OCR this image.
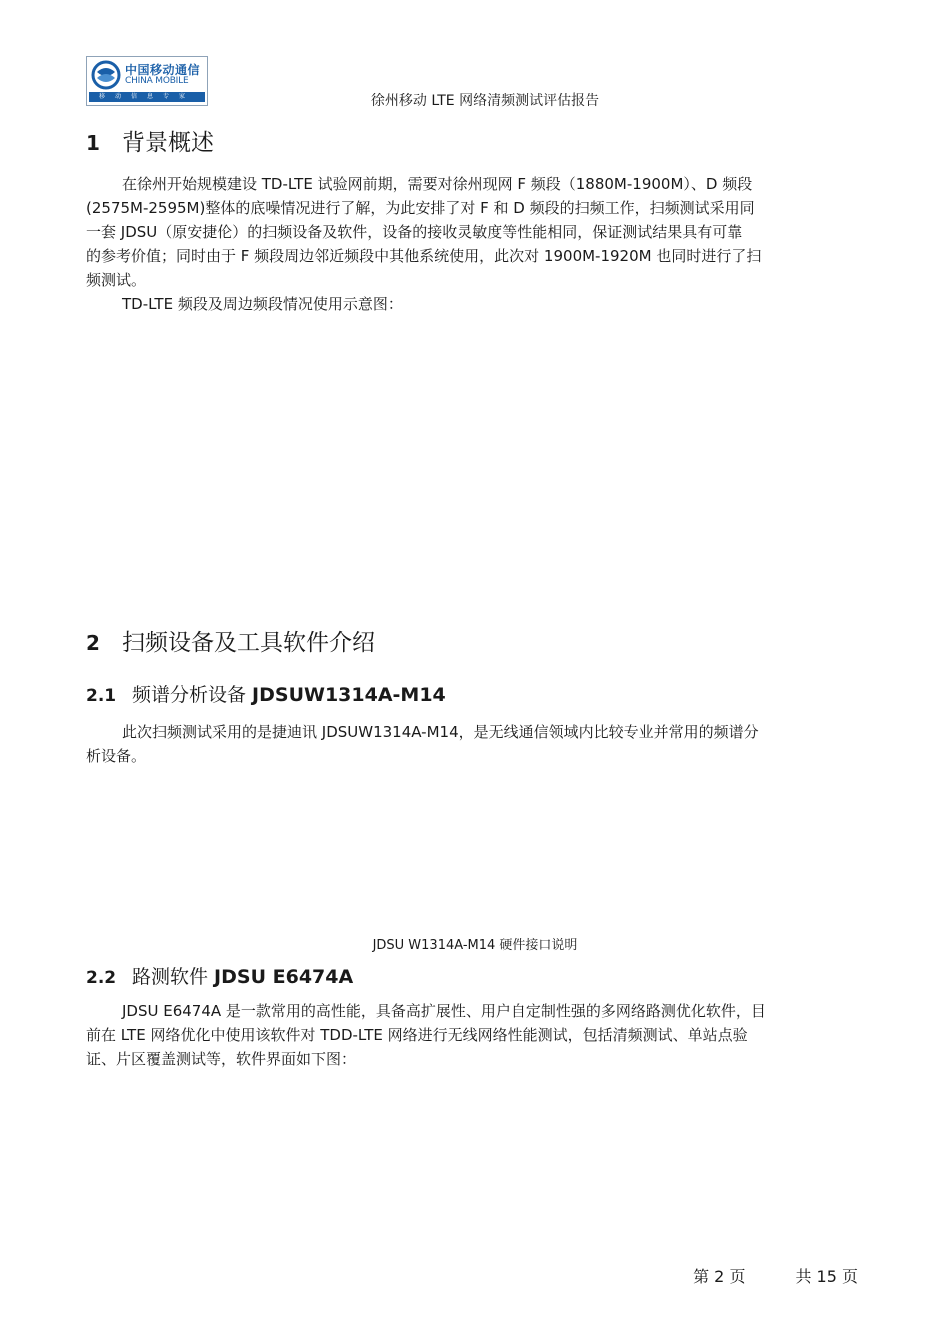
中国移动通信
CHINA MOBILE
移动信息专家	徐州移动 LTE 网络清频测试评估报告
1 背景概述
在徐州开始规模建设 TD-LTE 试验网前期，需要对徐州现网 F 频段（1880M-1900M）、D 频段
(2575M-2595M)整体的底噪情况进行了解，为此安排了对 F 和 D 频段的扫频工作，扫频测试采用同
一套 JDSU（原安捷伦）的扫频设备及软件，设备的接收灵敏度等性能相同，保证测试结果具有可靠
的参考价值；同时由于 F 频段周边邻近频段中其他系统使用，此次对 1900M-1920M 也同时进行了扫
频测试。
TD-LTE 频段及周边频段情况使用示意图：
2 扫频设备及工具软件介绍
2.1 频谱分析设备 JDSUW1314A-M14
此次扫频测试采用的是捷迪讯 JDSUW1314A-M14，是无线通信领域内比较专业并常用的频谱分
析设备。
JDSU W1314A-M14 硬件接口说明
2.2 路测软件 JDSU E6474A
JDSU E6474A 是一款常用的高性能，具备高扩展性、用户自定制性强的多网络路测优化软件，目
前在 LTE 网络优化中使用该软件对 TDD-LTE 网络进行无线网络性能测试，包括清频测试、单站点验
证、片区覆盖测试等，软件界面如下图：
第 2 页	共 15 页
